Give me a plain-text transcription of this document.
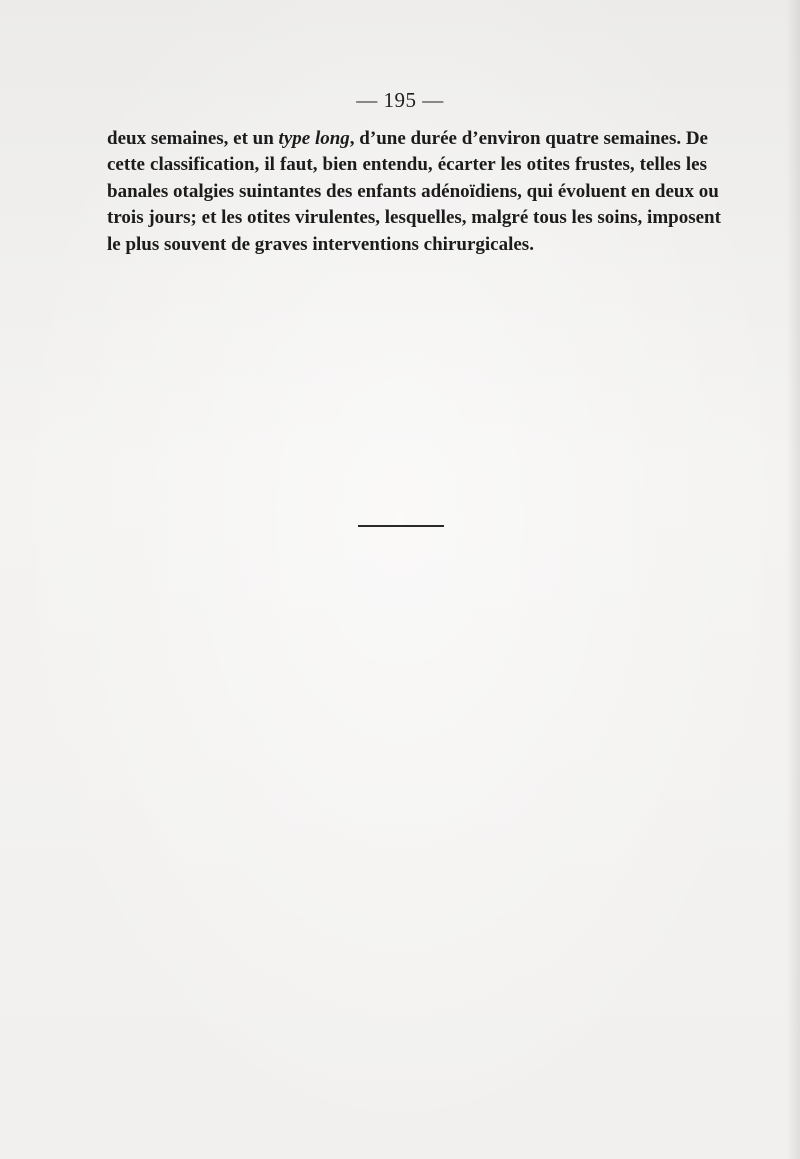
— 195 —
deux semaines, et un type long, d’une durée d’environ quatre semaines. De
cette classification, il faut, bien entendu, écarter les otites frustes, telles les
banales otalgies suintantes des enfants adénoïdiens, qui évoluent en deux ou
trois jours; et les otites virulentes, lesquelles, malgré tous les soins, imposent
le plus souvent de graves interventions chirurgicales.
